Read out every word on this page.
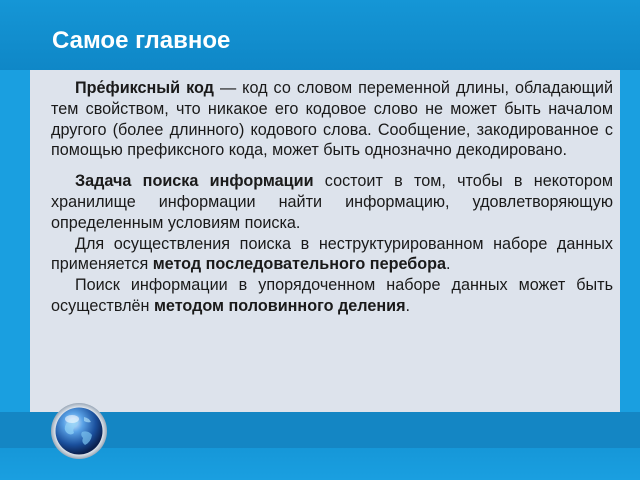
Самое главное

Пре́фиксный код — код со словом переменной длины, обладающий тем свойством, что никакое его кодовое слово не может быть началом другого (более длинного) кодового слова. Сообщение, закодированное с помощью префиксного кода, может быть однозначно декодировано.

Задача поиска информации состоит в том, чтобы в некотором хранилище информации найти информацию, удовлетворяющую определенным условиям поиска.

Для осуществления поиска в неструктурированном наборе данных применяется метод последовательного перебора.

Поиск информации в упорядоченном наборе данных может быть осуществлён методом половинного деления.
